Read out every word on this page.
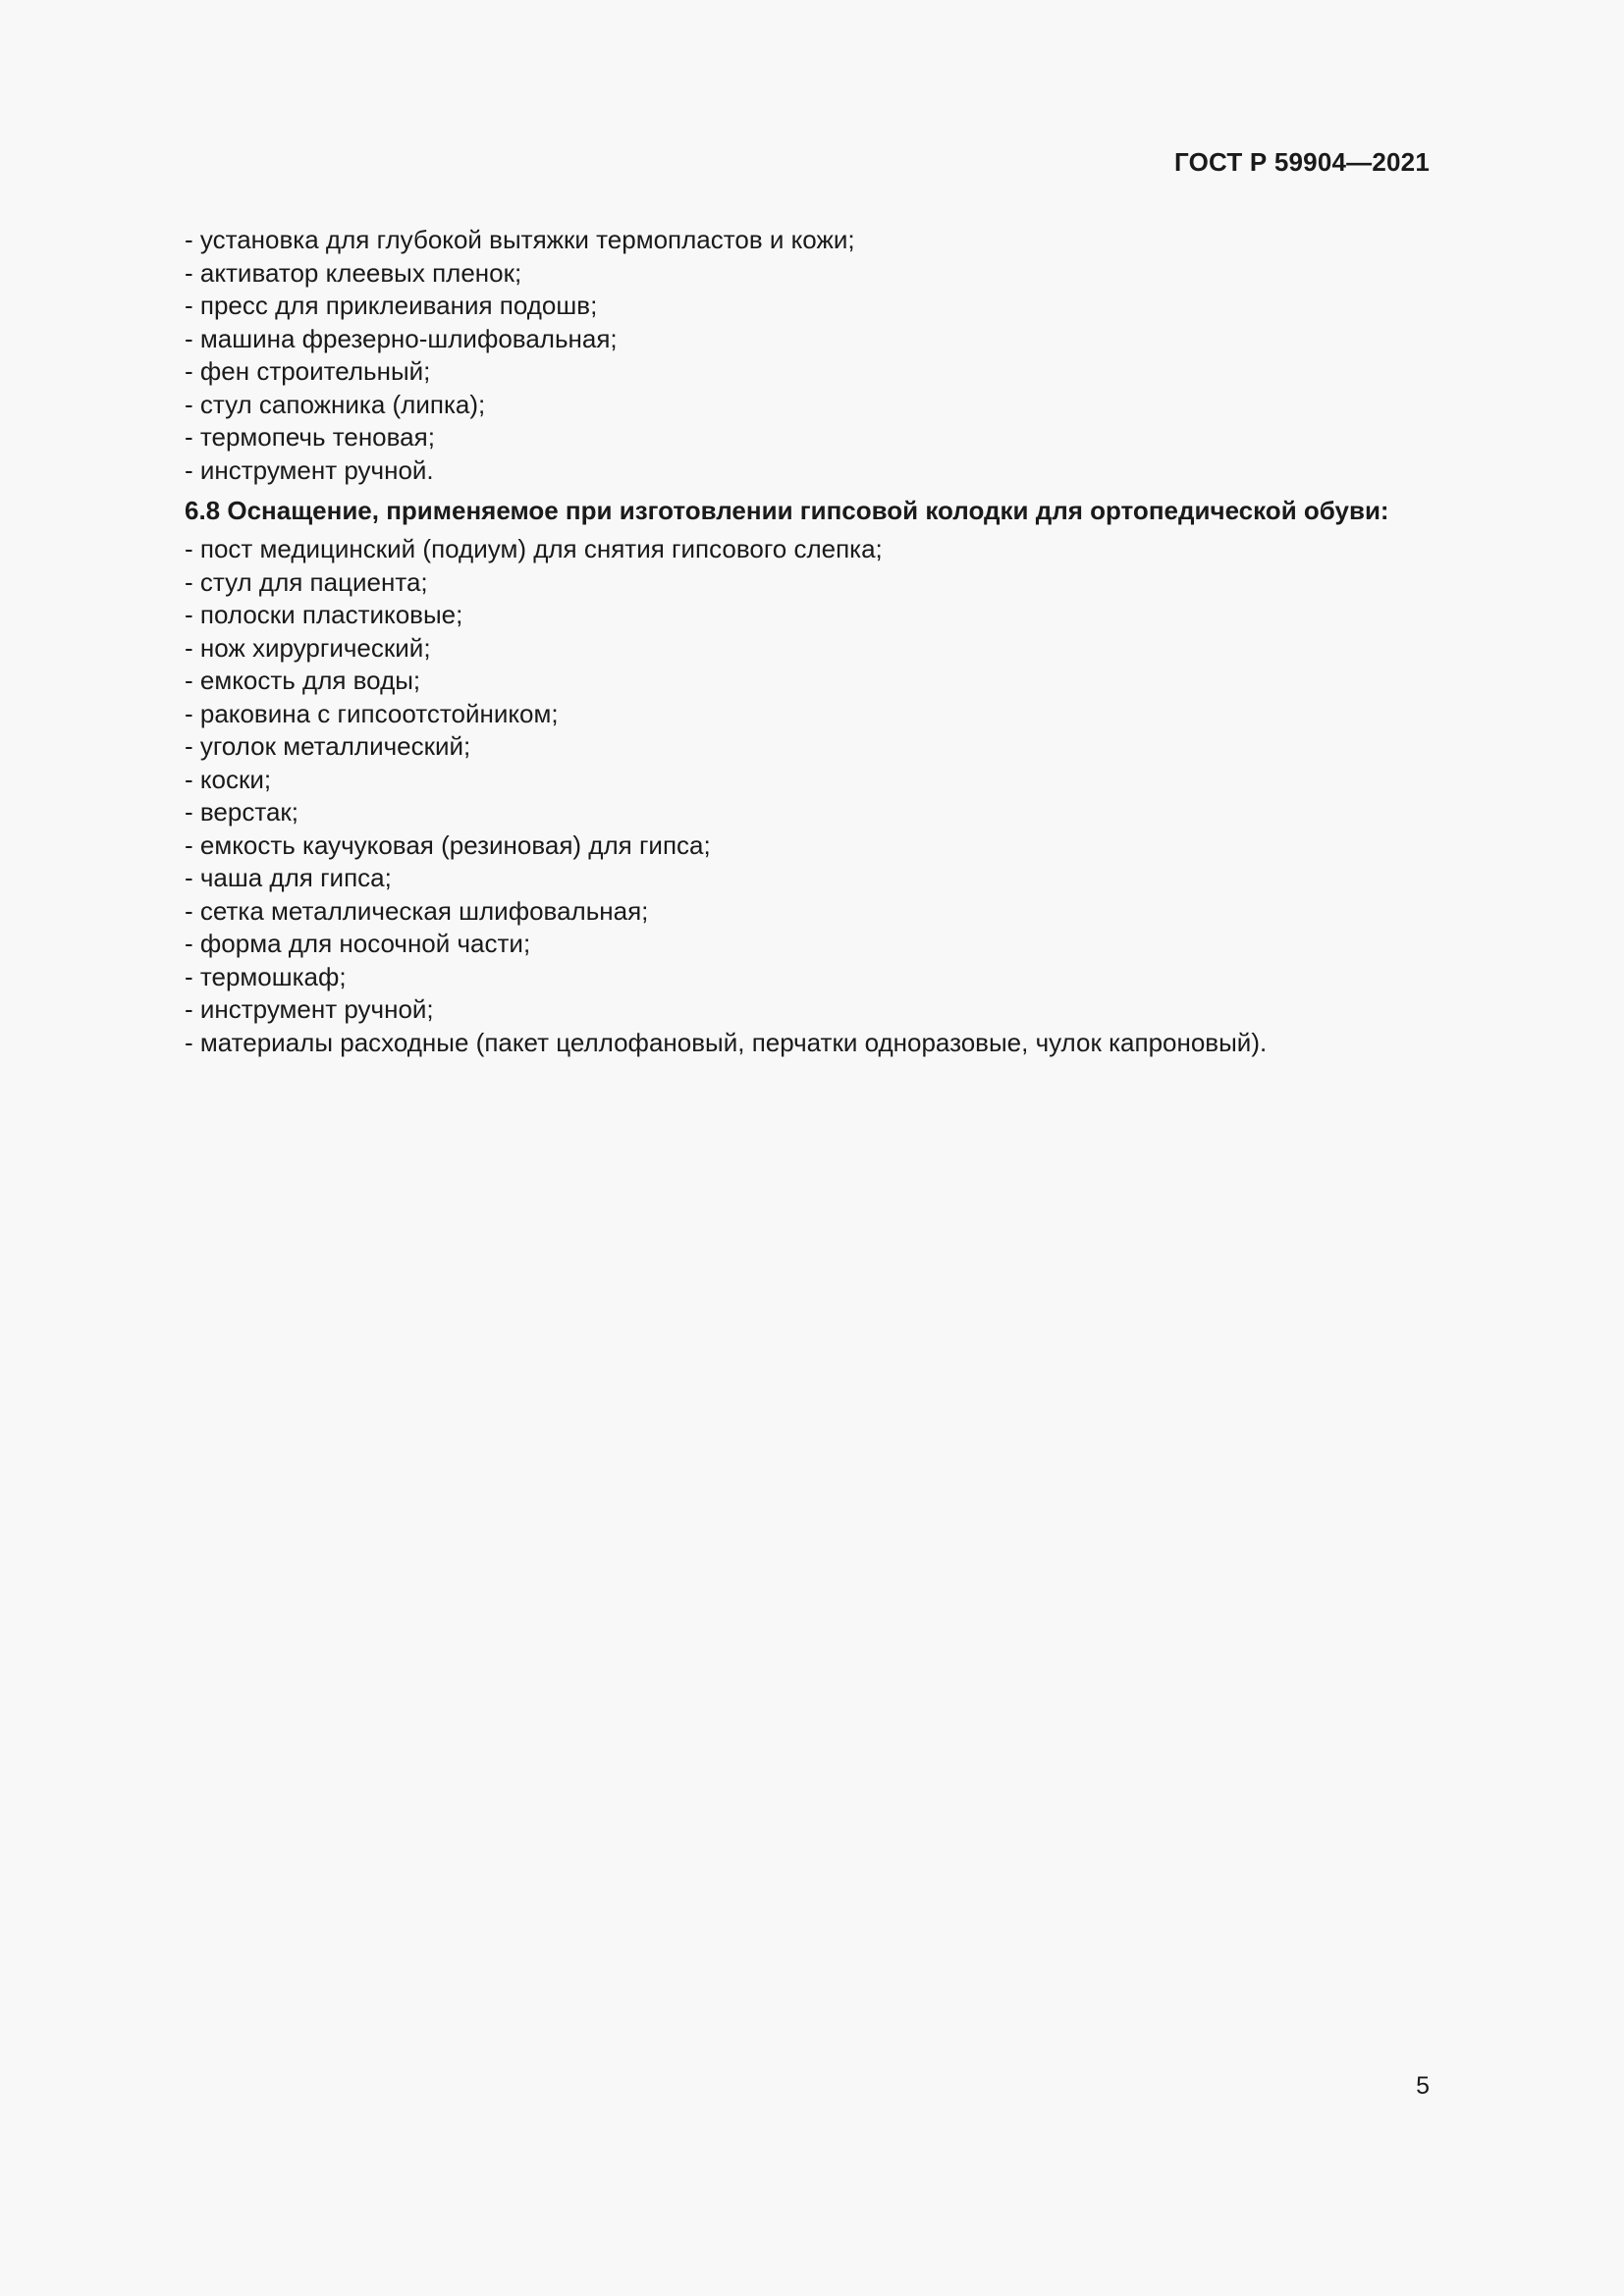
ГОСТ Р 59904—2021
- установка для глубокой вытяжки термопластов и кожи;
- активатор клеевых пленок;
- пресс для приклеивания подошв;
- машина фрезерно-шлифовальная;
- фен строительный;
- стул сапожника (липка);
- термопечь теновая;
- инструмент ручной.

6.8 Оснащение, применяемое при изготовлении гипсовой колодки для ортопедической обуви:

- пост медицинский (подиум) для снятия гипсового слепка;
- стул для пациента;
- полоски пластиковые;
- нож хирургический;
- емкость для воды;
- раковина с гипсоотстойником;
- уголок металлический;
- коски;
- верстак;
- емкость каучуковая (резиновая) для гипса;
- чаша для гипса;
- сетка металлическая шлифовальная;
- форма для носочной части;
- термошкаф;
- инструмент ручной;
- материалы расходные (пакет целлофановый, перчатки одноразовые, чулок капроновый).
5
